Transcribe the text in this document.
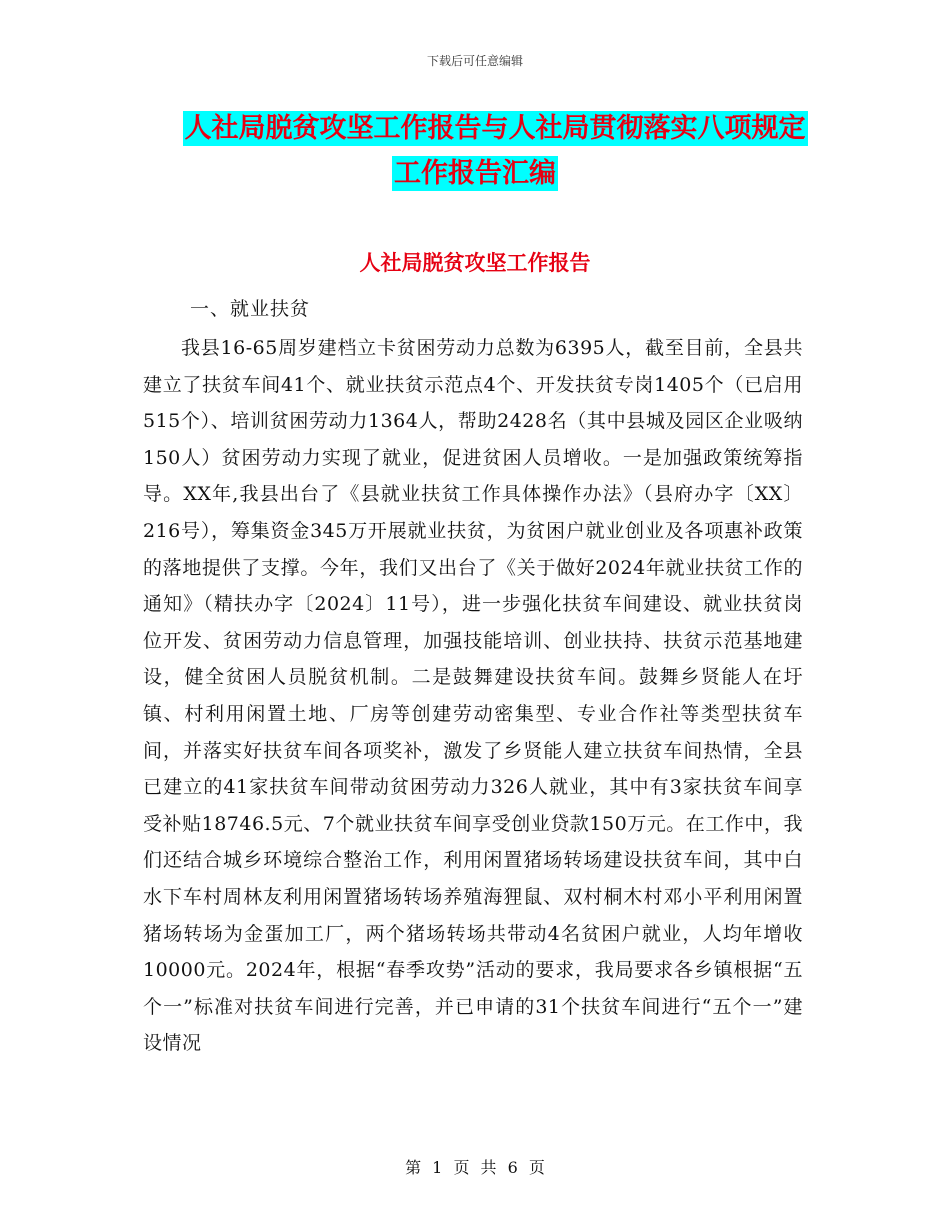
下载后可任意编辑
人社局脱贫攻坚工作报告与人社局贯彻落实八项规定
工作报告汇编
人社局脱贫攻坚工作报告
一、就业扶贫
我县16-65周岁建档立卡贫困劳动力总数为6395人，截至目前，全县共建立了扶贫车间41个、就业扶贫示范点4个、开发扶贫专岗1405个（已启用515个）、培训贫困劳动力1364人，帮助2428名（其中县城及园区企业吸纳150人）贫困劳动力实现了就业，促进贫困人员增收。一是加强政策统筹指导。XX年,我县出台了《县就业扶贫工作具体操作办法》（县府办字〔XX〕216号），筹集资金345万开展就业扶贫，为贫困户就业创业及各项惠补政策的落地提供了支撑。今年，我们又出台了《关于做好2024年就业扶贫工作的通知》（精扶办字〔2024〕11号），进一步强化扶贫车间建设、就业扶贫岗位开发、贫困劳动力信息管理，加强技能培训、创业扶持、扶贫示范基地建设，健全贫困人员脱贫机制。二是鼓舞建设扶贫车间。鼓舞乡贤能人在圩镇、村利用闲置土地、厂房等创建劳动密集型、专业合作社等类型扶贫车间，并落实好扶贫车间各项奖补，激发了乡贤能人建立扶贫车间热情，全县已建立的41家扶贫车间带动贫困劳动力326人就业，其中有3家扶贫车间享受补贴18746.5元、7个就业扶贫车间享受创业贷款150万元。在工作中，我们还结合城乡环境综合整治工作，利用闲置猪场转场建设扶贫车间，其中白水下车村周林友利用闲置猪场转场养殖海狸鼠、双村桐木村邓小平利用闲置猪场转场为金蛋加工厂，两个猪场转场共带动4名贫困户就业，人均年增收10000元。2024年，根据“春季攻势”活动的要求，我局要求各乡镇根据“五个一”标准对扶贫车间进行完善，并已申请的31个扶贫车间进行“五个一”建设情况
第 1 页 共 6 页
